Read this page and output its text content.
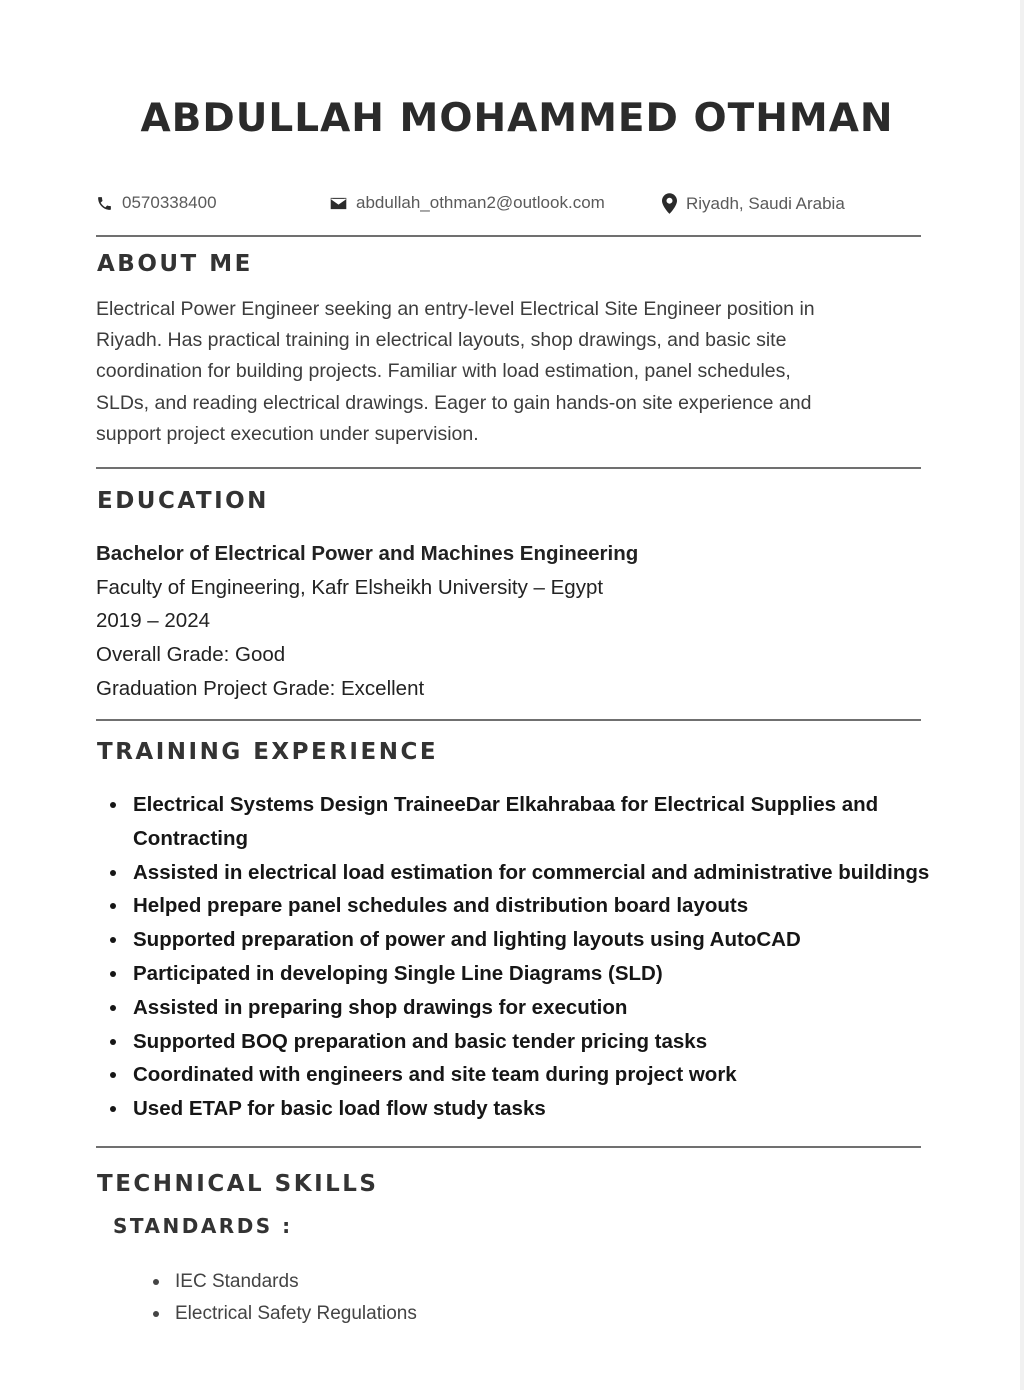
ABDULLAH MOHAMMED OTHMAN
0570338400	abdullah_othman2@outlook.com	Riyadh, Saudi Arabia
ABOUT ME
Electrical Power Engineer seeking an entry-level Electrical Site Engineer position in
Riyadh. Has practical training in electrical layouts, shop drawings, and basic site
coordination for building projects. Familiar with load estimation, panel schedules,
SLDs, and reading electrical drawings. Eager to gain hands-on site experience and
support project execution under supervision.
EDUCATION
Bachelor of Electrical Power and Machines Engineering
Faculty of Engineering, Kafr Elsheikh University – Egypt
2019 – 2024
Overall Grade: Good
Graduation Project Grade: Excellent
TRAINING EXPERIENCE
Electrical Systems Design TraineeDar Elkahrabaa for Electrical Supplies and Contracting
Assisted in electrical load estimation for commercial and administrative buildings
Helped prepare panel schedules and distribution board layouts
Supported preparation of power and lighting layouts using AutoCAD
Participated in developing Single Line Diagrams (SLD)
Assisted in preparing shop drawings for execution
Supported BOQ preparation and basic tender pricing tasks
Coordinated with engineers and site team during project work
Used ETAP for basic load flow study tasks
TECHNICAL SKILLS
STANDARDS :
IEC Standards
Electrical Safety Regulations
